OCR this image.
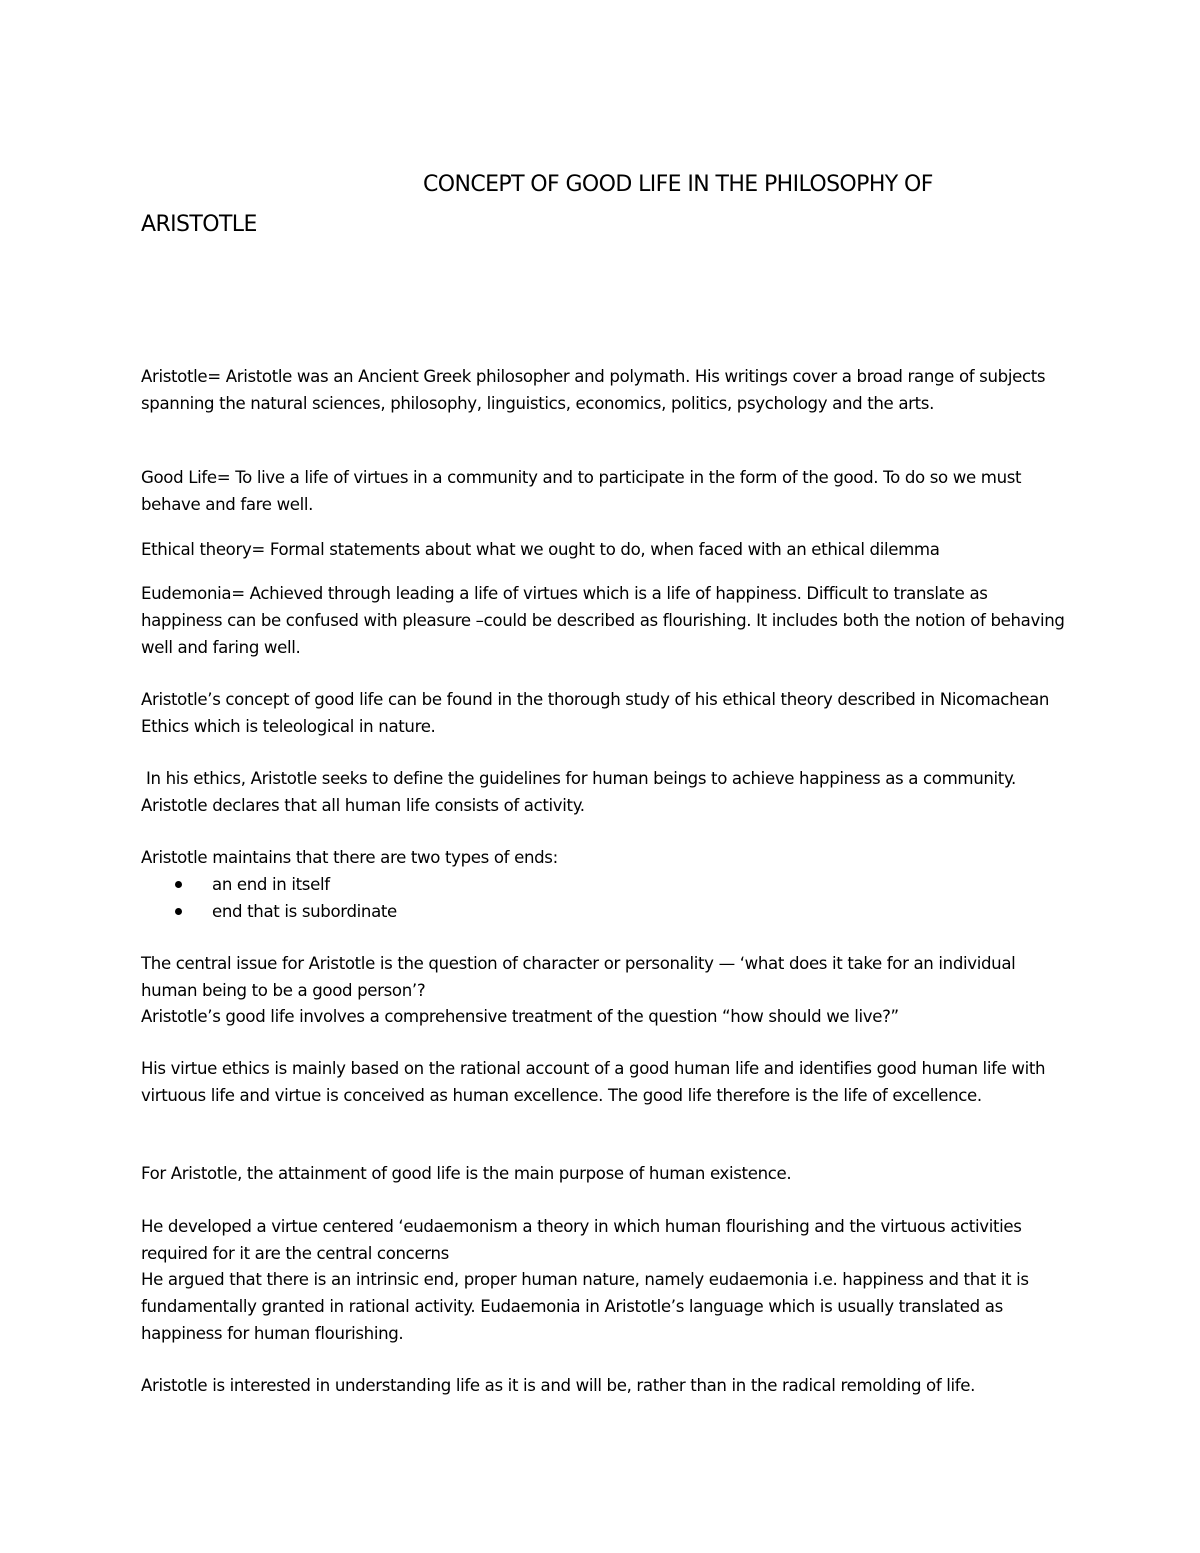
CONCEPT OF GOOD LIFE IN THE PHILOSOPHY OF
ARISTOTLE

Aristotle= Aristotle was an Ancient Greek philosopher and polymath. His writings cover a broad range of subjects spanning the natural sciences, philosophy, linguistics, economics, politics, psychology and the arts.

Good Life= To live a life of virtues in a community and to participate in the form of the good. To do so we must behave and fare well.

Ethical theory= Formal statements about what we ought to do, when faced with an ethical dilemma

Eudemonia= Achieved through leading a life of virtues which is a life of happiness. Difficult to translate as happiness can be confused with pleasure –could be described as flourishing. It includes both the notion of behaving well and faring well.

Aristotle’s concept of good life can be found in the thorough study of his ethical theory described in Nicomachean Ethics which is teleological in nature.

In his ethics, Aristotle seeks to define the guidelines for human beings to achieve happiness as a community. Aristotle declares that all human life consists of activity.

Aristotle maintains that there are two types of ends:

an end in itself
end that is subordinate

The central issue for Aristotle is the question of character or personality — ‘what does it take for an individual human being to be a good person’?

Aristotle’s good life involves a comprehensive treatment of the question “how should we live?”

His virtue ethics is mainly based on the rational account of a good human life and identifies good human life with virtuous life and virtue is conceived as human excellence. The good life therefore is the life of excellence.

For Aristotle, the attainment of good life is the main purpose of human existence.

He developed a virtue centered ‘eudaemonism a theory in which human flourishing and the virtuous activities required for it are the central concerns

He argued that there is an intrinsic end, proper human nature, namely eudaemonia i.e. happiness and that it is fundamentally granted in rational activity. Eudaemonia in Aristotle’s language which is usually translated as happiness for human flourishing.

Aristotle is interested in understanding life as it is and will be, rather than in the radical remolding of life.
